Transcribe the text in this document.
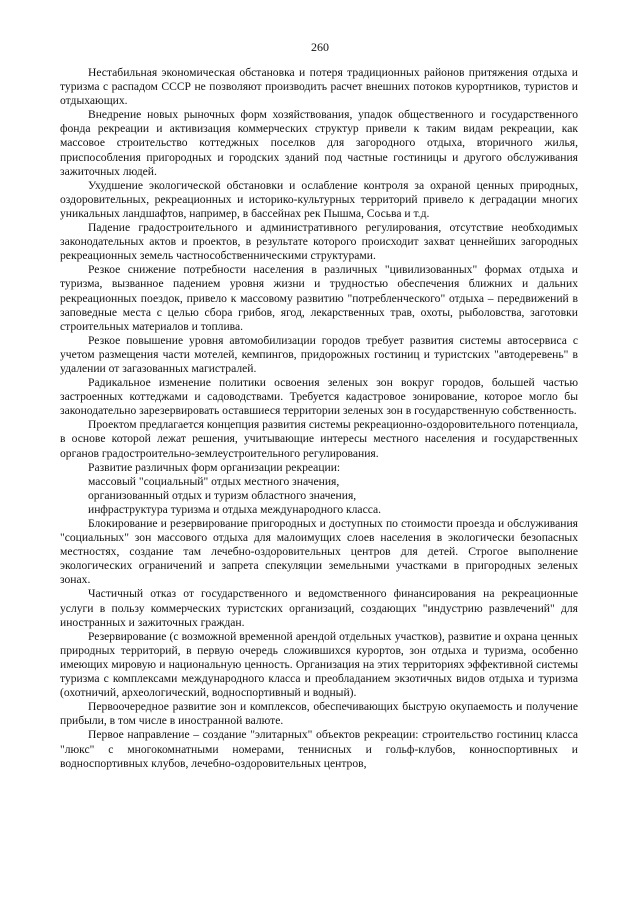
260

Нестабильная экономическая обстановка и потеря традиционных районов притяжения отдыха и туризма с распадом СССР не позволяют производить расчет внешних потоков курортников, туристов и отдыхающих.

Внедрение новых рыночных форм хозяйствования, упадок общественного и государственного фонда рекреации и активизация коммерческих структур привели к таким видам рекреации, как массовое строительство коттеджных поселков для загородного отдыха, вторичного жилья, приспособления пригородных и городских зданий под частные гостиницы и другого обслуживания зажиточных людей.

Ухудшение экологической обстановки и ослабление контроля за охраной ценных природных, оздоровительных, рекреационных и историко-культурных территорий привело к деградации многих уникальных ландшафтов, например, в бассейнах рек Пышма, Сосьва и т.д.

Падение градостроительного и административного регулирования, отсутствие необходимых законодательных актов и проектов, в результате которого происходит захват ценнейших загородных рекреационных земель частнособственническими структурами.

Резкое снижение потребности населения в различных "цивилизованных" формах отдыха и туризма, вызванное падением уровня жизни и трудностью обеспечения ближних и дальних рекреационных поездок, привело к массовому развитию "потребленческого" отдыха – передвижений в заповедные места с целью сбора грибов, ягод, лекарственных трав, охоты, рыболовства, заготовки строительных материалов и топлива.

Резкое повышение уровня автомобилизации городов требует развития системы автосервиса с учетом размещения части мотелей, кемпингов, придорожных гостиниц и туристских "автодеревень" в удалении от загазованных магистралей.

Радикальное изменение политики освоения зеленых зон вокруг городов, большей частью застроенных коттеджами и садоводствами. Требуется кадастровое зонирование, которое могло бы законодательно зарезервировать оставшиеся территории зеленых зон в государственную собственность.

Проектом предлагается концепция развития системы рекреационно-оздоровительного потенциала, в основе которой лежат решения, учитывающие интересы местного населения и государственных органов градостроительно-землеустроительного регулирования.

Развитие различных форм организации рекреации:

массовый "социальный" отдых местного значения,

организованный отдых и туризм областного значения,

инфраструктура туризма и отдыха международного класса.

Блокирование и резервирование пригородных и доступных по стоимости проезда и обслуживания "социальных" зон массового отдыха для малоимущих слоев населения в экологически безопасных местностях, создание там лечебно-оздоровительных центров для детей. Строгое выполнение экологических ограничений и запрета спекуляции земельными участками в пригородных зеленых зонах.

Частичный отказ от государственного и ведомственного финансирования на рекреационные услуги в пользу коммерческих туристских организаций, создающих "индустрию развлечений" для иностранных и зажиточных граждан.

Резервирование (с возможной временной арендой отдельных участков), развитие и охрана ценных природных территорий, в первую очередь сложившихся курортов, зон отдыха и туризма, особенно имеющих мировую и национальную ценность. Организация на этих территориях эффективной системы туризма с комплексами международного класса и преобладанием экзотичных видов отдыха и туризма (охотничий, археологический, водноспортивный и водный).

Первоочередное развитие зон и комплексов, обеспечивающих быструю окупаемость и получение прибыли, в том числе в иностранной валюте.

Первое направление – создание "элитарных" объектов рекреации: строительство гостиниц класса "люкс" с многокомнатными номерами, теннисных и гольф-клубов, конноспортивных и водноспортивных клубов, лечебно-оздоровительных центров,
